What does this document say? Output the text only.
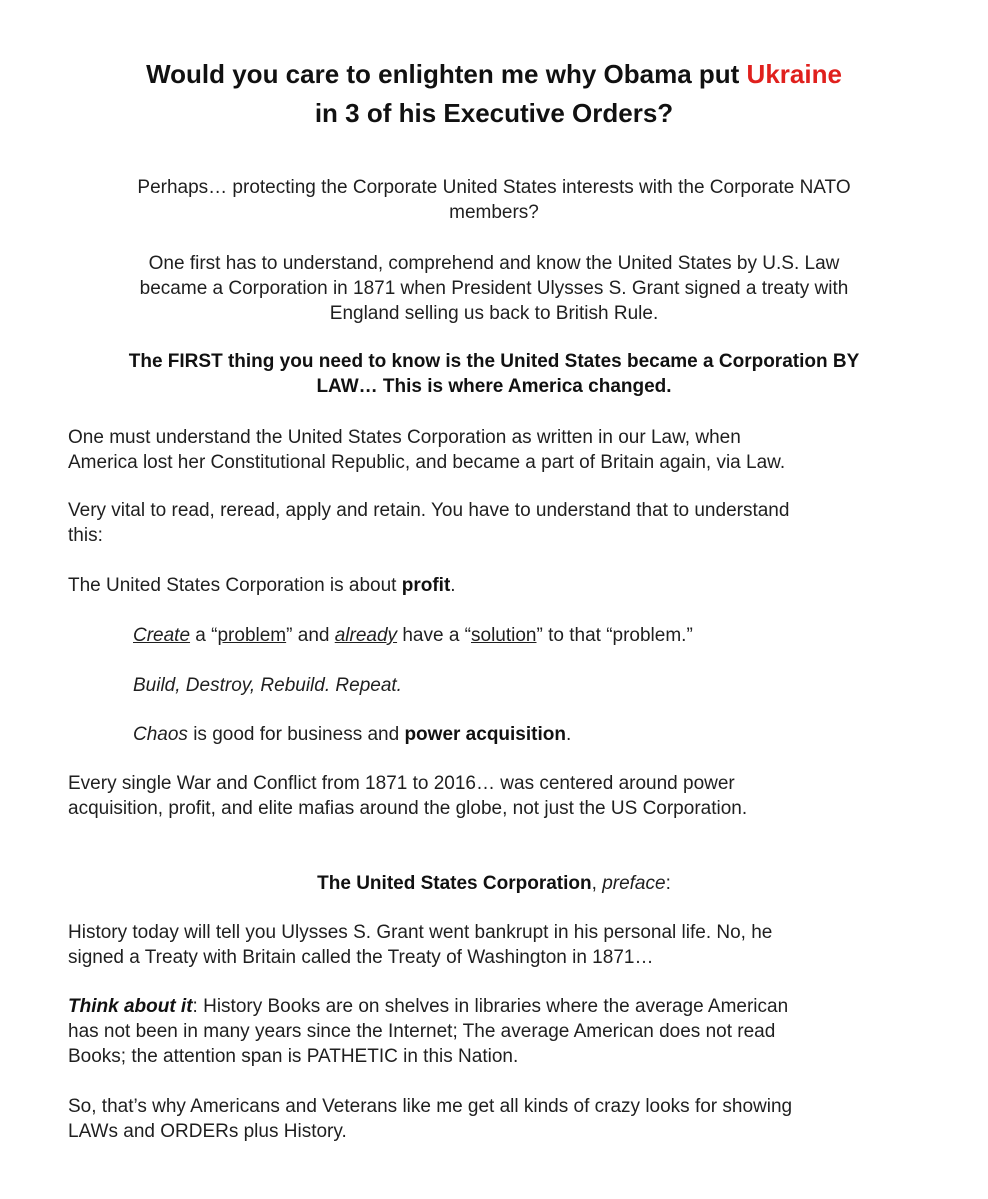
Would you care to enlighten me why Obama put Ukraine
in 3 of his Executive Orders?

Perhaps… protecting the Corporate United States interests with the Corporate NATO
members?

One first has to understand, comprehend and know the United States by U.S. Law
became a Corporation in 1871 when President Ulysses S. Grant signed a treaty with
England selling us back to British Rule.

The FIRST thing you need to know is the United States became a Corporation BY
LAW… This is where America changed.

One must understand the United States Corporation as written in our Law, when
America lost her Constitutional Republic, and became a part of Britain again, via Law.

Very vital to read, reread, apply and retain. You have to understand that to understand
this:

The United States Corporation is about profit.

Create a “problem” and already have a “solution” to that “problem.”

Build, Destroy, Rebuild. Repeat.

Chaos is good for business and power acquisition.

Every single War and Conflict from 1871 to 2016… was centered around power
acquisition, profit, and elite mafias around the globe, not just the US Corporation.

The United States Corporation, preface:

History today will tell you Ulysses S. Grant went bankrupt in his personal life. No, he
signed a Treaty with Britain called the Treaty of Washington in 1871…

Think about it: History Books are on shelves in libraries where the average American
has not been in many years since the Internet; The average American does not read
Books; the attention span is PATHETIC in this Nation.

So, that’s why Americans and Veterans like me get all kinds of crazy looks for showing
LAWs and ORDERs plus History.
